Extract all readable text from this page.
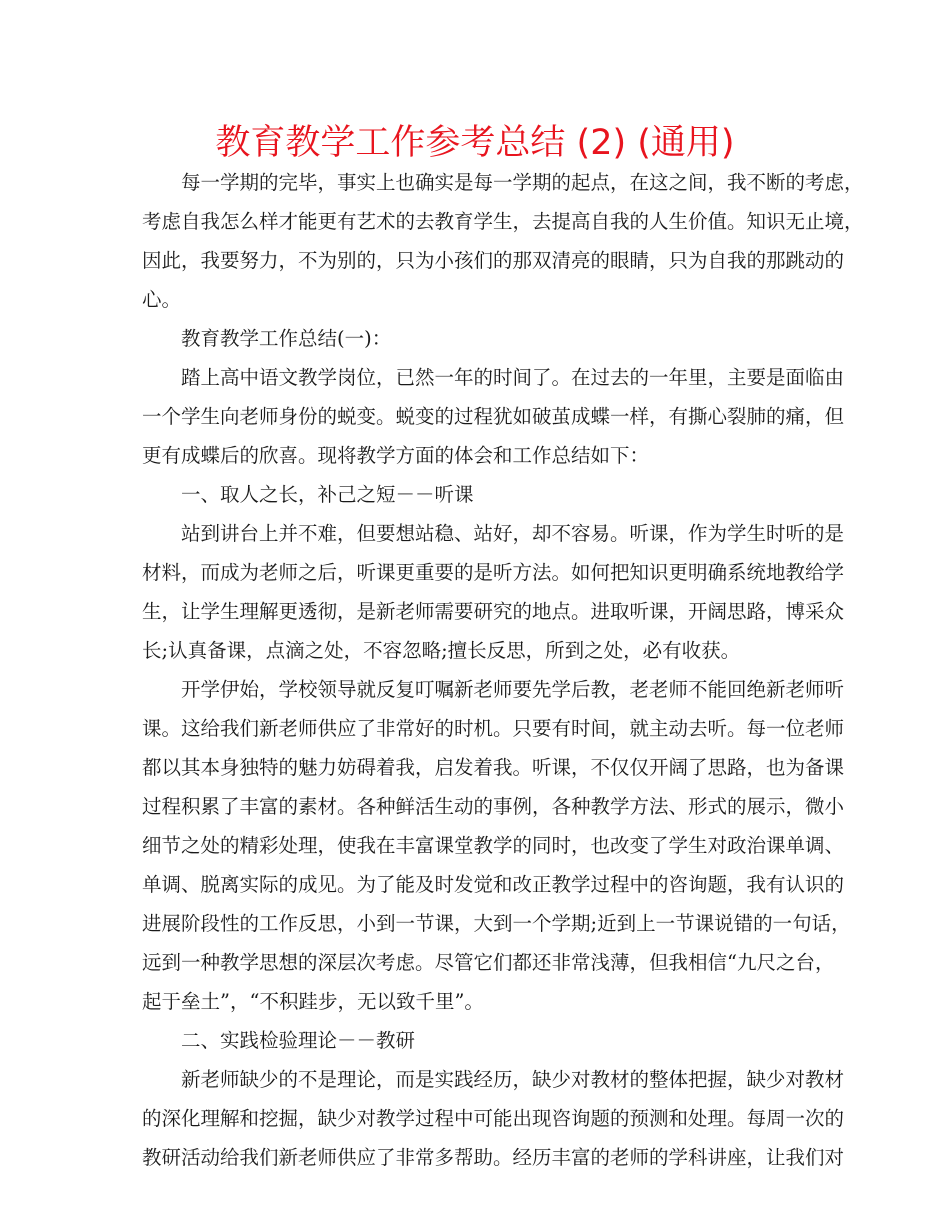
教育教学工作参考总结 (2) (通用)
每一学期的完毕，事实上也确实是每一学期的起点，在这之间，我不断的考虑，
考虑自我怎么样才能更有艺术的去教育学生，去提高自我的人生价值。知识无止境，
因此，我要努力，不为别的，只为小孩们的那双清亮的眼睛，只为自我的那跳动的
心。
教育教学工作总结(一)：
踏上高中语文教学岗位，已然一年的时间了。在过去的一年里，主要是面临由
一个学生向老师身份的蜕变。蜕变的过程犹如破茧成蝶一样，有撕心裂肺的痛，但
更有成蝶后的欣喜。现将教学方面的体会和工作总结如下：
一、取人之长，补己之短－－听课
站到讲台上并不难，但要想站稳、站好，却不容易。听课，作为学生时听的是
材料，而成为老师之后，听课更重要的是听方法。如何把知识更明确系统地教给学
生，让学生理解更透彻，是新老师需要研究的地点。进取听课，开阔思路，博采众
长;认真备课，点滴之处，不容忽略;擅长反思，所到之处，必有收获。
开学伊始，学校领导就反复叮嘱新老师要先学后教，老老师不能回绝新老师听
课。这给我们新老师供应了非常好的时机。只要有时间，就主动去听。每一位老师
都以其本身独特的魅力妨碍着我，启发着我。听课，不仅仅开阔了思路，也为备课
过程积累了丰富的素材。各种鲜活生动的事例，各种教学方法、形式的展示，微小
细节之处的精彩处理，使我在丰富课堂教学的同时，也改变了学生对政治课单调、
单调、脱离实际的成见。为了能及时发觉和改正教学过程中的咨询题，我有认识的
进展阶段性的工作反思，小到一节课，大到一个学期;近到上一节课说错的一句话，
远到一种教学思想的深层次考虑。尽管它们都还非常浅薄，但我相信“九尺之台，
起于垒土”，“不积跬步，无以致千里”。
二、实践检验理论－－教研
新老师缺少的不是理论，而是实践经历，缺少对教材的整体把握，缺少对教材
的深化理解和挖掘，缺少对教学过程中可能出现咨询题的预测和处理。每周一次的
教研活动给我们新老师供应了非常多帮助。经历丰富的老师的学科讲座，让我们对
